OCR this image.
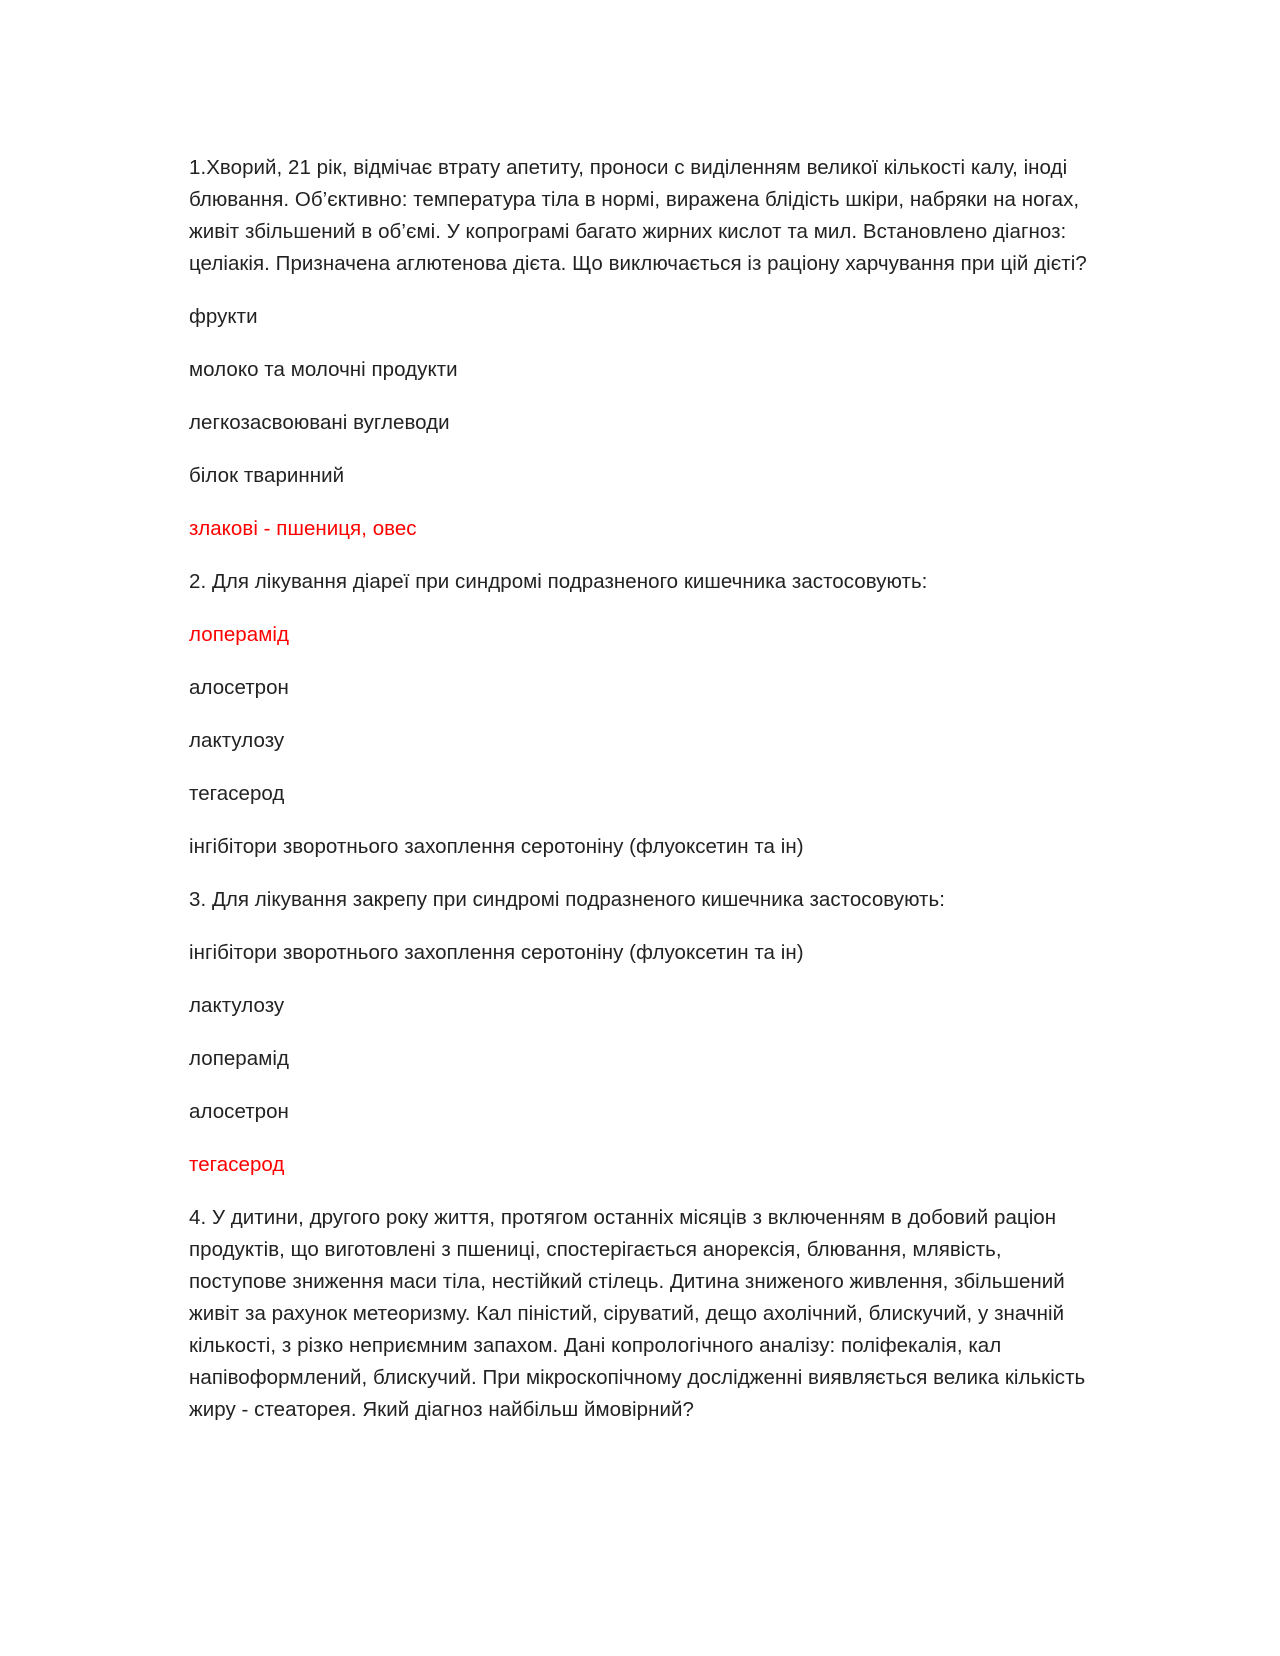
1.Хворий, 21 рік, відмічає втрату апетиту, проноси с виділенням великої кількості калу, іноді блювання. Об’єктивно: температура тіла в нормі, виражена блідість шкіри, набряки на ногах, живіт збільшений в об’ємі. У копрограмі багато жирних кислот та мил. Встановлено діагноз: целіакія. Призначена аглютенова дієта. Що виключається із раціону харчування при цій дієті?

фрукти

молоко та молочні продукти

легкозасвоювані вуглеводи

білок тваринний

злакові - пшениця, овес

2. Для лікування діареї при синдромі подразненого кишечника застосовують:

лоперамід

алосетрон

лактулозу

тегасерод

інгібітори зворотнього захоплення серотоніну (флуоксетин та ін)

3. Для лікування закрепу при синдромі подразненого кишечника застосовують:

інгібітори зворотнього захоплення серотоніну (флуоксетин та ін)

лактулозу

лоперамід

алосетрон

тегасерод

4. У дитини, другого року життя, протягом останніх місяців з включенням в добовий раціон продуктів, що виготовлені з пшениці, спостерігається анорексія, блювання, млявість, поступове зниження маси тіла, нестійкий стілець. Дитина зниженого живлення, збільшений живіт за рахунок метеоризму. Кал піністий, сіруватий, дещо ахолічний, блискучий, у значній кількості, з різко неприємним запахом. Дані копрологічного аналізу: поліфекалія, кал напівоформлений, блискучий. При мікроскопічному дослідженні виявляється велика кількість жиру - стеаторея. Який діагноз найбільш ймовірний?
